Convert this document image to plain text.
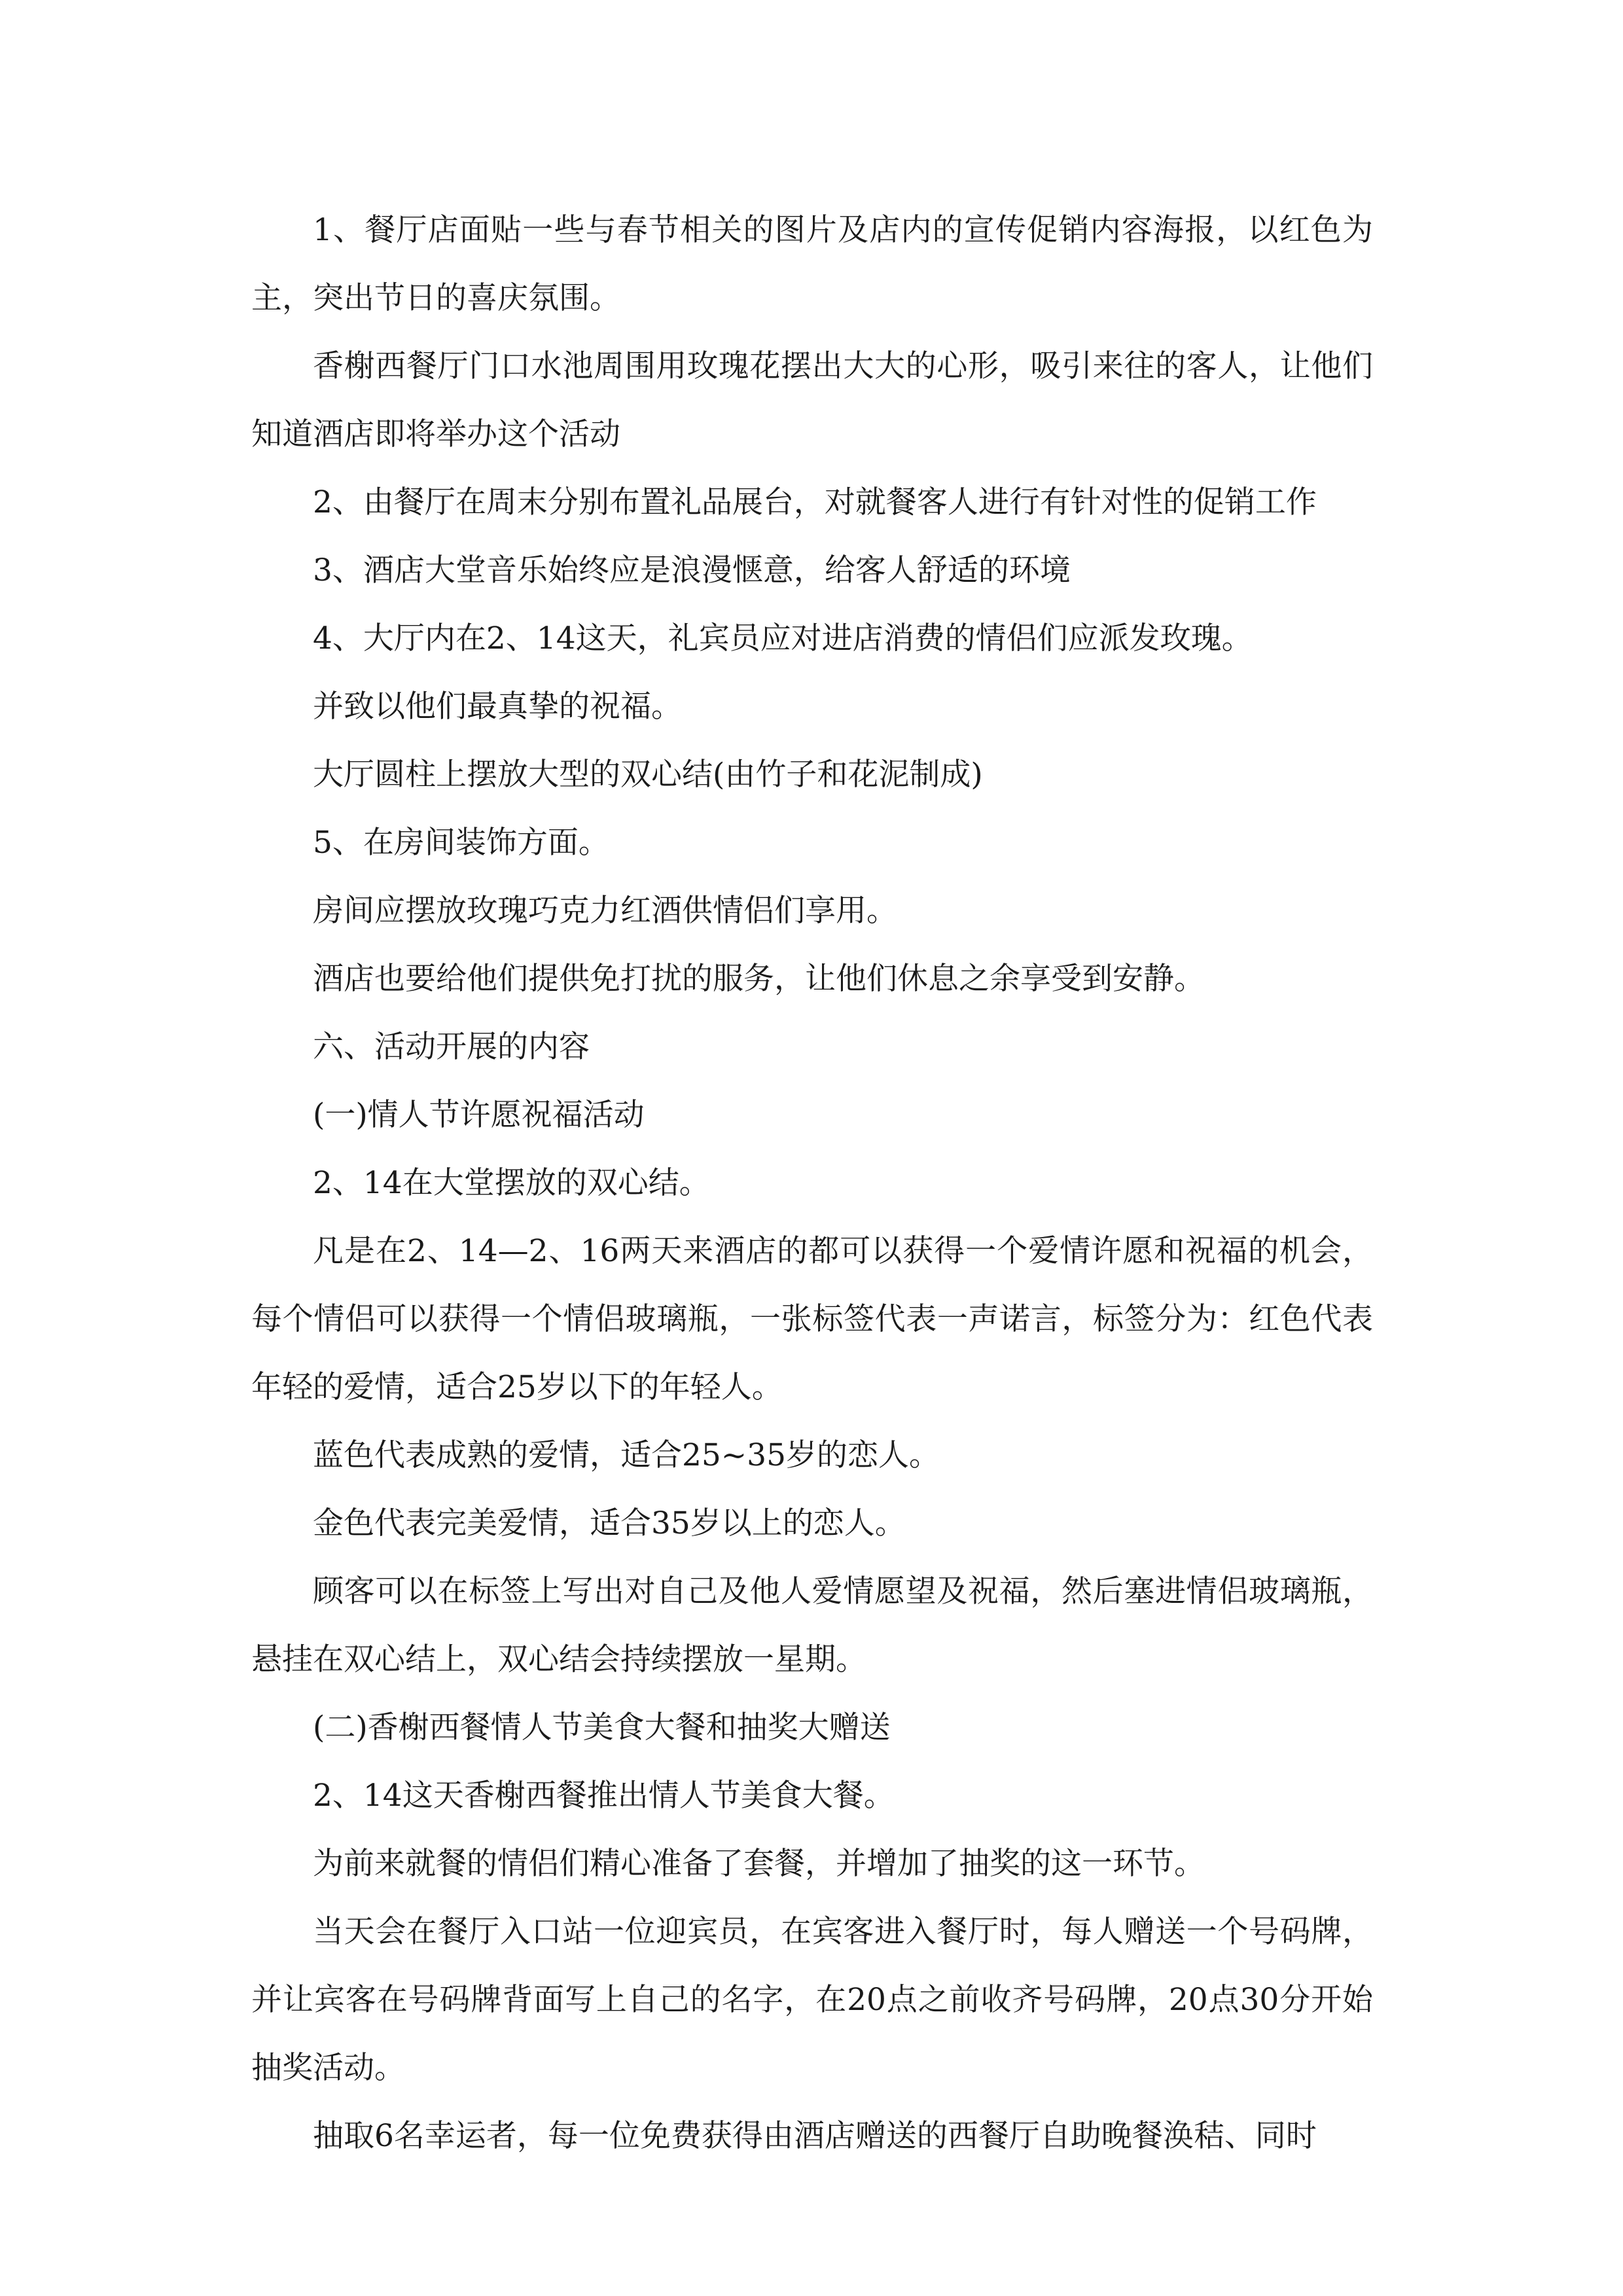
1、餐厅店面贴一些与春节相关的图片及店内的宣传促销内容海报，以红色为主，突出节日的喜庆氛围。

香榭西餐厅门口水池周围用玫瑰花摆出大大的心形，吸引来往的客人，让他们知道酒店即将举办这个活动

2、由餐厅在周末分别布置礼品展台，对就餐客人进行有针对性的促销工作

3、酒店大堂音乐始终应是浪漫惬意，给客人舒适的环境

4、大厅内在2、14这天，礼宾员应对进店消费的情侣们应派发玫瑰。

并致以他们最真挚的祝福。

大厅圆柱上摆放大型的双心结(由竹子和花泥制成)

5、在房间装饰方面。

房间应摆放玫瑰巧克力红酒供情侣们享用。

酒店也要给他们提供免打扰的服务，让他们休息之余享受到安静。

六、活动开展的内容

(一)情人节许愿祝福活动

2、14在大堂摆放的双心结。

凡是在2、14—2、16两天来酒店的都可以获得一个爱情许愿和祝福的机会，每个情侣可以获得一个情侣玻璃瓶，一张标签代表一声诺言，标签分为：红色代表年轻的爱情，适合25岁以下的年轻人。

蓝色代表成熟的爱情，适合25~35岁的恋人。

金色代表完美爱情，适合35岁以上的恋人。

顾客可以在标签上写出对自己及他人爱情愿望及祝福，然后塞进情侣玻璃瓶，悬挂在双心结上，双心结会持续摆放一星期。

(二)香榭西餐情人节美食大餐和抽奖大赠送

2、14这天香榭西餐推出情人节美食大餐。

为前来就餐的情侣们精心准备了套餐，并增加了抽奖的这一环节。

当天会在餐厅入口站一位迎宾员，在宾客进入餐厅时，每人赠送一个号码牌，并让宾客在号码牌背面写上自己的名字，在20点之前收齐号码牌，20点30分开始抽奖活动。

抽取6名幸运者，每一位免费获得由酒店赠送的西餐厅自助晚餐涣秸、同时
